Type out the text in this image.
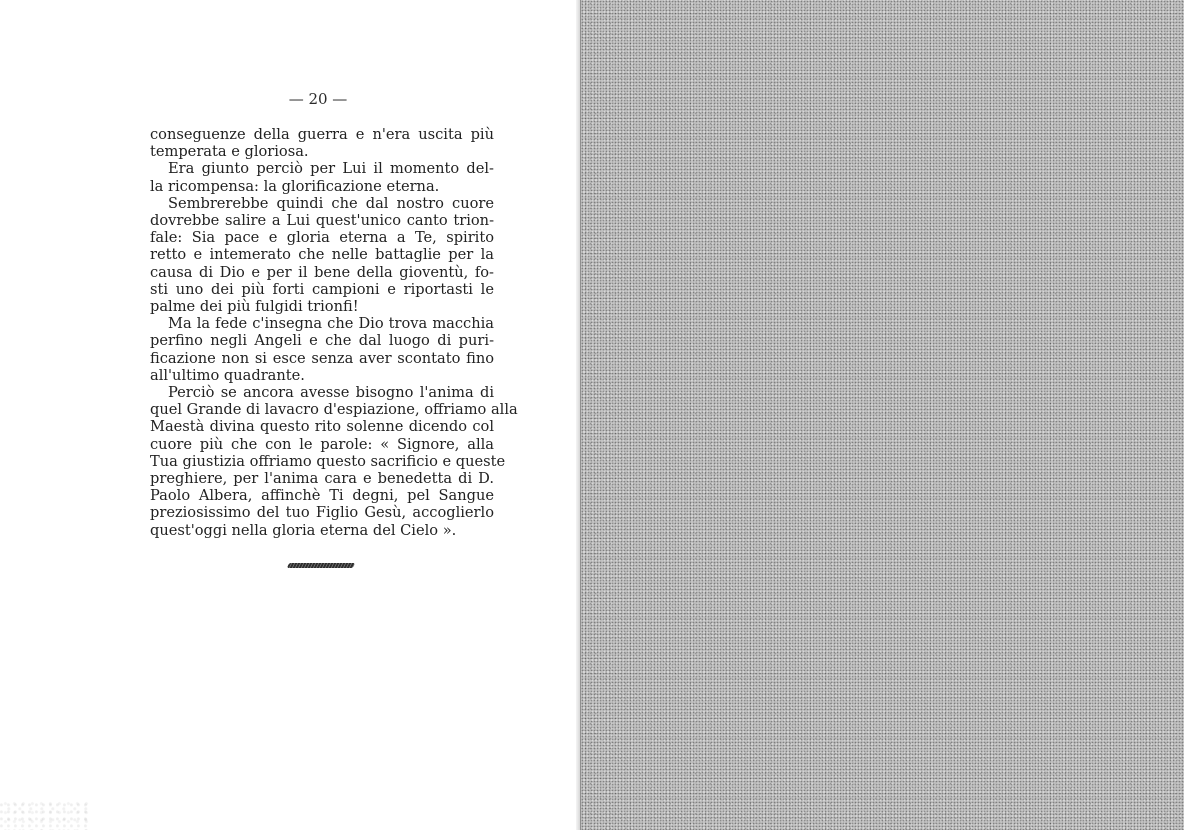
— 20 —
conseguenze della guerra e n'era uscita più
temperata e gloriosa.
Era giunto perciò per Lui il momento del-
la ricompensa: la glorificazione eterna.
Sembrerebbe quindi che dal nostro cuore
dovrebbe salire a Lui quest'unico canto trion-
fale: Sia pace e gloria eterna a Te, spirito
retto e intemerato che nelle battaglie per la
causa di Dio e per il bene della gioventù, fo-
sti uno dei più forti campioni e riportasti le
palme dei più fulgidi trionfi!
Ma la fede c'insegna che Dio trova macchia
perfino negli Angeli e che dal luogo di puri-
ficazione non si esce senza aver scontato fino
all'ultimo quadrante.
Perciò se ancora avesse bisogno l'anima di
quel Grande di lavacro d'espiazione, offriamo alla
Maestà divina questo rito solenne dicendo col
cuore più che con le parole: « Signore, alla
Tua giustizia offriamo questo sacrificio e queste
preghiere, per l'anima cara e benedetta di D.
Paolo Albera, affinchè Ti degni, pel Sangue
preziosissimo del tuo Figlio Gesù, accoglierlo
quest'oggi nella gloria eterna del Cielo ».
